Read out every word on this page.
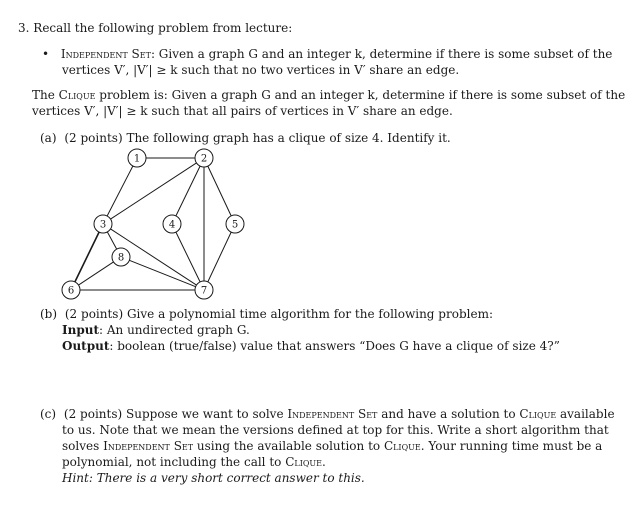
3. Recall the following problem from lecture:
• Independent Set: Given a graph G and an integer k, determine if there is some subset of the
vertices V′, |V′| ≥ k such that no two vertices in V′ share an edge.
The Clique problem is: Given a graph G and an integer k, determine if there is some subset of the
vertices V′, |V′| ≥ k such that all pairs of vertices in V′ share an edge.
(a) (2 points) The following graph has a clique of size 4. Identify it.
1	2
3	4	5
6	7
8
(b) (2 points) Give a polynomial time algorithm for the following problem:
Input: An undirected graph G.
Output: boolean (true/false) value that answers “Does G have a clique of size 4?”
(c) (2 points) Suppose we want to solve Independent Set and have a solution to Clique available
to us. Note that we mean the versions defined at top for this. Write a short algorithm that
solves Independent Set using the available solution to Clique. Your running time must be a
polynomial, not including the call to Clique.
Hint: There is a very short correct answer to this.
